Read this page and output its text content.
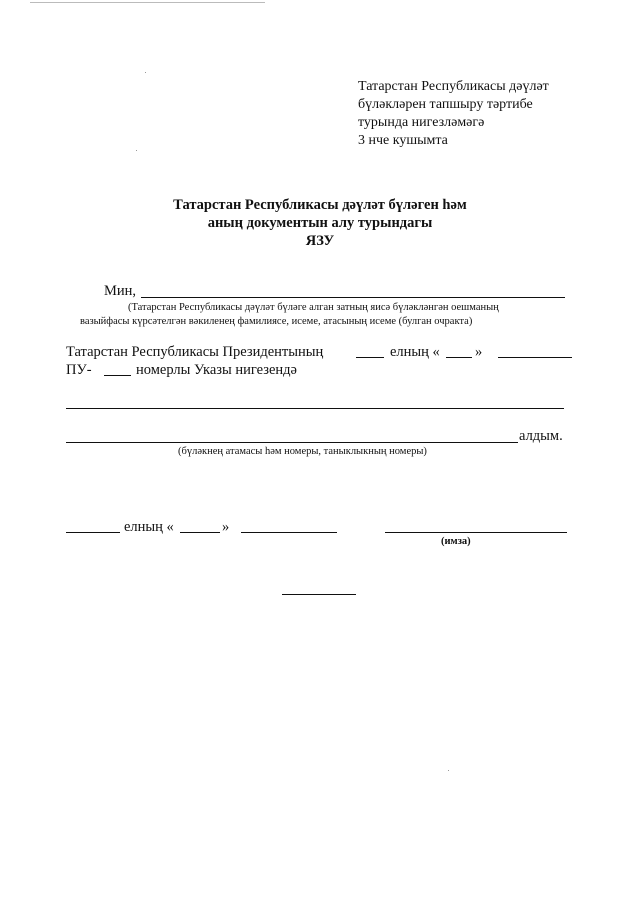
Татарстан Республикасы дәүләт
бүләкләрен тапшыру тәртибе
турында нигезләмәгә
3 нче кушымта
Татарстан Республикасы дәүләт бүләген һәм
аның документын алу турындагы
ЯЗУ
Мин,
(Татарстан Республикасы дәүләт бүләге алган затның яисә бүләкләнгән оешманың
вазыйфасы күрсәтелгән вәкиленең фамилиясе, исеме, атасының исеме (булган очракта)
Татарстан Республикасы Президентының	елның « »
ПУ-	номерлы Указы нигезендә
алдым.
(бүләкнең атамасы һәм номеры, таныклыкның номеры)
елның «	»
(имза)
